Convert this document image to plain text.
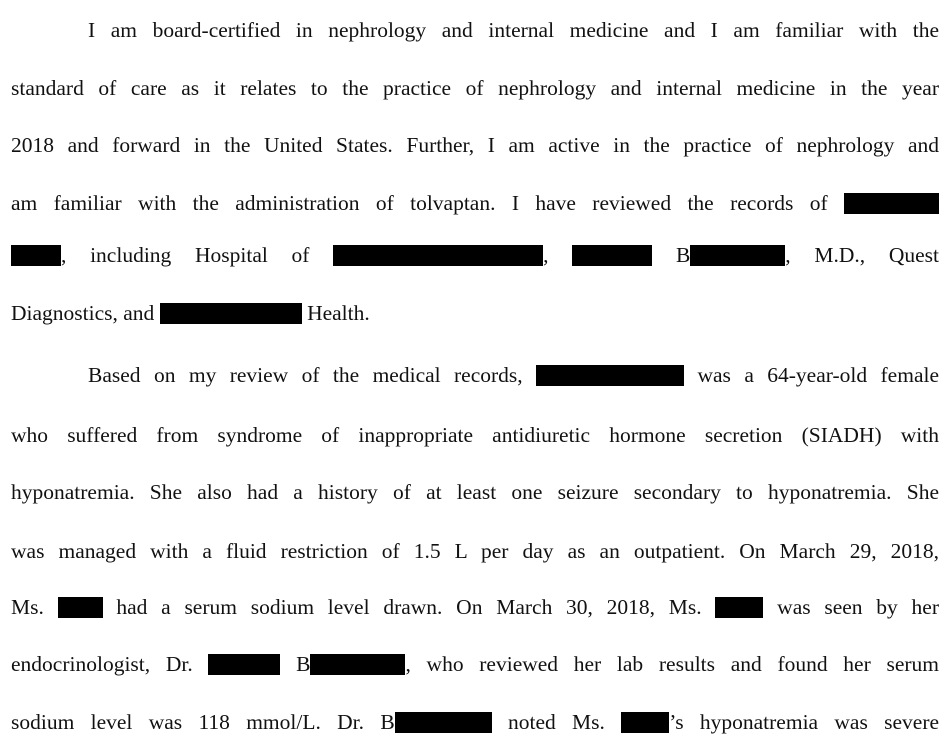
I am board-certified in nephrology and internal medicine and I am familiar with the
standard of care as it relates to the practice of nephrology and internal medicine in the year
2018 and forward in the United States. Further, I am active in the practice of nephrology and
am familiar with the administration of tolvaptan. I have reviewed the records of
, including Hospital of	,	B	, M.D., Quest
Diagnostics, and	Health.
Based on my review of the medical records,	was a 64-year-old female
who suffered from syndrome of inappropriate antidiuretic hormone secretion (SIADH) with
hyponatremia. She also had a history of at least one seizure secondary to hyponatremia. She
was managed with a fluid restriction of 1.5 L per day as an outpatient. On March 29, 2018,
Ms.	had a serum sodium level drawn. On March 30, 2018, Ms.	was seen by her
endocrinologist, Dr.	B	, who reviewed her lab results and found her serum
sodium level was 118 mmol/L. Dr. B	noted Ms.	’s hyponatremia was severe
